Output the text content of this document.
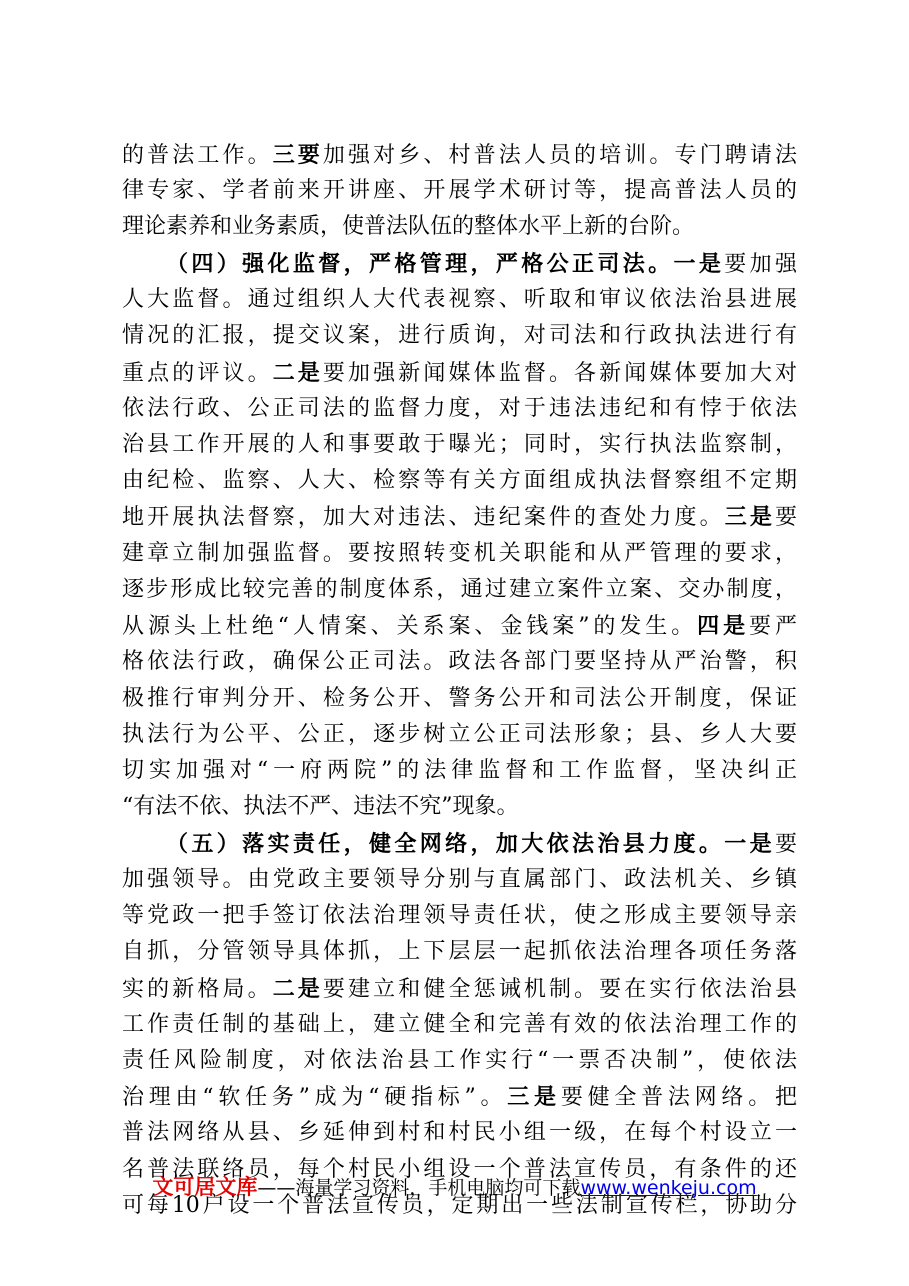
的普法工作。三要加强对乡、村普法人员的培训。专门聘请法
律专家、学者前来开讲座、开展学术研讨等，提高普法人员的
理论素养和业务素质，使普法队伍的整体水平上新的台阶。
（四）强化监督，严格管理，严格公正司法。一是要加强
人大监督。通过组织人大代表视察、听取和审议依法治县进展
情况的汇报，提交议案，进行质询，对司法和行政执法进行有
重点的评议。二是要加强新闻媒体监督。各新闻媒体要加大对
依法行政、公正司法的监督力度，对于违法违纪和有悖于依法
治县工作开展的人和事要敢于曝光；同时，实行执法监察制，
由纪检、监察、人大、检察等有关方面组成执法督察组不定期
地开展执法督察，加大对违法、违纪案件的查处力度。三是要
建章立制加强监督。要按照转变机关职能和从严管理的要求，
逐步形成比较完善的制度体系，通过建立案件立案、交办制度，
从源头上杜绝“人情案、关系案、金钱案”的发生。四是要严
格依法行政，确保公正司法。政法各部门要坚持从严治警，积
极推行审判分开、检务公开、警务公开和司法公开制度，保证
执法行为公平、公正，逐步树立公正司法形象；县、乡人大要
切实加强对“一府两院”的法律监督和工作监督，坚决纠正
“有法不依、执法不严、违法不究”现象。
（五）落实责任，健全网络，加大依法治县力度。一是要
加强领导。由党政主要领导分别与直属部门、政法机关、乡镇
等党政一把手签订依法治理领导责任状，使之形成主要领导亲
自抓，分管领导具体抓，上下层层一起抓依法治理各项任务落
实的新格局。二是要建立和健全惩诫机制。要在实行依法治县
工作责任制的基础上，建立健全和完善有效的依法治理工作的
责任风险制度，对依法治县工作实行“一票否决制”，使依法
治理由“软任务”成为“硬指标”。三是要健全普法网络。把
普法网络从县、乡延伸到村和村民小组一级，在每个村设立一
名普法联络员，每个村民小组设一个普法宣传员，有条件的还
可每10户设一个普法宣传员，定期出一些法制宣传栏，协助分
文可居文库——海量学习资料，手机电脑均可下载www.wenkeju.com
